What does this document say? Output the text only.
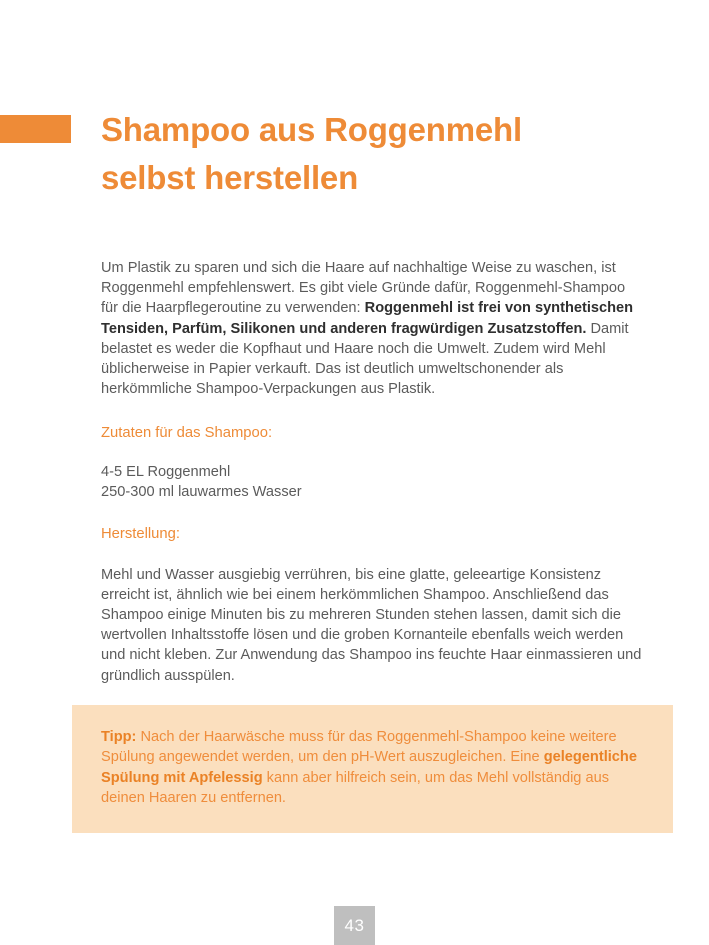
Shampoo aus Roggenmehl
selbst herstellen

Um Plastik zu sparen und sich die Haare auf nachhaltige Weise zu waschen, ist Roggenmehl empfehlenswert. Es gibt viele Gründe dafür, Roggenmehl-Shampoo für die Haarpflegeroutine zu verwenden: Roggenmehl ist frei von synthetischen Tensiden, Parfüm, Silikonen und anderen fragwürdigen Zusatzstoffen. Damit belastet es weder die Kopfhaut und Haare noch die Umwelt. Zudem wird Mehl üblicherweise in Papier verkauft. Das ist deutlich umweltschonender als herkömmliche Shampoo-Verpackungen aus Plastik.

Zutaten für das Shampoo:

4-5 EL Roggenmehl
250-300 ml lauwarmes Wasser

Herstellung:

Mehl und Wasser ausgiebig verrühren, bis eine glatte, geleeartige Konsistenz erreicht ist, ähnlich wie bei einem herkömmlichen Shampoo. Anschließend das Shampoo einige Minuten bis zu mehreren Stunden stehen lassen, damit sich die wertvollen Inhaltsstoffe lösen und die groben Kornanteile ebenfalls weich werden und nicht kleben. Zur Anwendung das Shampoo ins feuchte Haar einmassieren und gründlich ausspülen.

Tipp: Nach der Haarwäsche muss für das Roggenmehl-Shampoo keine weitere Spülung angewendet werden, um den pH-Wert auszugleichen. Eine gelegentliche Spülung mit Apfelessig kann aber hilfreich sein, um das Mehl vollständig aus deinen Haaren zu entfernen.

43
